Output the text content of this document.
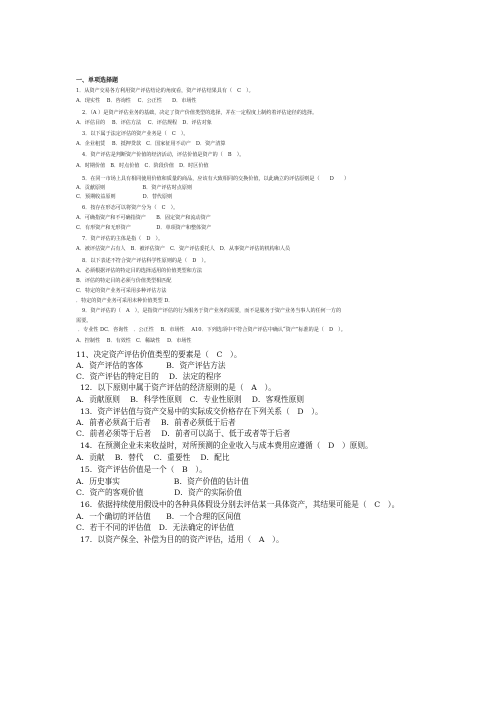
一、单项选择题
1．从资产交易各方利用资产评估结论的角度看，资产评估结果具有（　C　）。
A．现实性　 B．咨询性　 C．公正性　　D．市场性
2．（A ）是资产评估业务的基础，决定了资产价值类型的选择，并在一定程度上制约着评估途径的选择。
A．评估目的　 B．评估方法　 C．评估规程　D．评估对象
3．以下属于法定评估的资产业务是（　C　）。
A．企业租赁　 B．抵押贷款　C．国家征用不动产　D．资产清算
4．资产评估是判断资产价值的经济活动，评估价值是资产的（　B　）。
A．时期价值　B．时点价值　C．阶段价值　D．时区价值
5．在同一市场上具有相同使用价值和质量的商品，应该有大致相同的交换价值，以此确立的评估原则是（　　D　　）
A．贡献原则　　　　　　　 B．资产评估时点原则
C．预期收益原则　　　　　 D．替代原则
6．按存在形态可以将资产分为（　C　）。
A．可确指资产和不可确指资产　　B．固定资产和流动资产
C．有形资产和无形资产　　　　　D．单项资产和整体资产
7．资产评估的主体是指（　D　）。
A．被评估资产占有人　B．被评估资产　C．资产评估委托人　D．从事资产评估的机构和人员
8．以下表述不符合资产评估科学性原则的是（　D　）。
A．必须根据评估的特定目的选择适用的价值类型和方法
B．评估的特定目的必须与价值类型相匹配
C．特定的资产业务可采用多种评估方法
．特定的资产业务可采用未种价值类型 D．
9．资产评估的（　A　），是指资产评估的行为服务于资产业务的需要，而不是服务于资产业务当事人的任何一方的
需要。
．专业性 DC．咨询性　．公正性　 B．市场性　 A10．下列选项中不符合资产评估中确认“资产”标准的是（　D　）。
A．控制性　 B．有效性　C．稀缺性　 D．市场性
11、决定资产评估价值类型的要素是（　C　）。
A．资产评估的客体　　　B．资产评估方法
C．资产评估的特定目的　 D．法定的程序
12．以下原则中属于资产评估的经济原则的是（　A　）。
A．贡献原则　 B．科学性原则　C．专业性原则　 D．客观性原则
13．资产评估值与资产交易中的实际成交价格存在下列关系（　D　）。
A．前者必须高于后者　 B．前者必须低于后者
C．前者必须等于后者　 D．前者可以高于、低于或者等于后者
14．在预测企业未来收益时，对所预测的企业收入与成本费用应遵循（　D　）原则。
A．贡献　 B．替代　 C．重要性　 D．配比
15．资产评估价值是一个（　B　）。
A．历史事实　　　　　　　B．资产价值的估计值
C．资产的客观价值　　　　D．资产的实际价值
16．依据持续使用假设中的各种具体假设分别去评估某一具体资产，其结果可能是（　C　）。
A．一个确切的评估值　　B．一个合理的区间值
C．若干不同的评估值　D．无法确定的评估值
17．以资产保全、补偿为目的的资产评估，适用（　A　）。
